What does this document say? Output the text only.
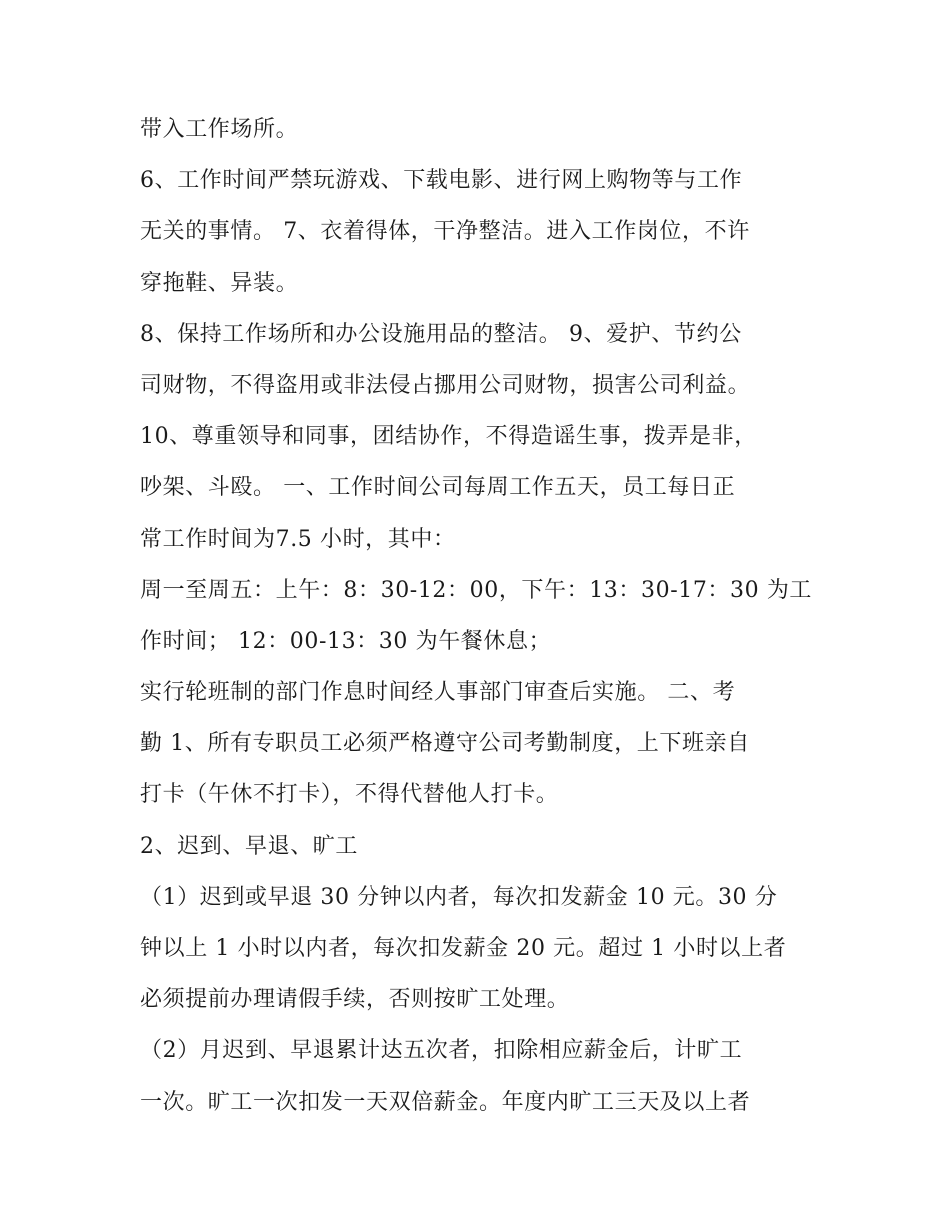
带入工作场所。
6、工作时间严禁玩游戏、下载电影、进行网上购物等与工作
无关的事情。 7、衣着得体，干净整洁。进入工作岗位，不许
穿拖鞋、异装。
8、保持工作场所和办公设施用品的整洁。 9、爱护、节约公
司财物，不得盗用或非法侵占挪用公司财物，损害公司利益。
10、尊重领导和同事，团结协作，不得造谣生事，拨弄是非，
吵架、斗殴。 一、工作时间公司每周工作五天，员工每日正
常工作时间为7.5 小时，其中：
周一至周五：上午：8：30-12：00，下午：13：30-17：30 为工
作时间； 12：00-13：30 为午餐休息；
实行轮班制的部门作息时间经人事部门审查后实施。 二、考
勤 1、所有专职员工必须严格遵守公司考勤制度，上下班亲自
打卡（午休不打卡），不得代替他人打卡。
2、迟到、早退、旷工
（1）迟到或早退 30 分钟以内者，每次扣发薪金 10 元。30 分
钟以上 1 小时以内者，每次扣发薪金 20 元。超过 1 小时以上者
必须提前办理请假手续，否则按旷工处理。
（2）月迟到、早退累计达五次者，扣除相应薪金后，计旷工
一次。旷工一次扣发一天双倍薪金。年度内旷工三天及以上者
